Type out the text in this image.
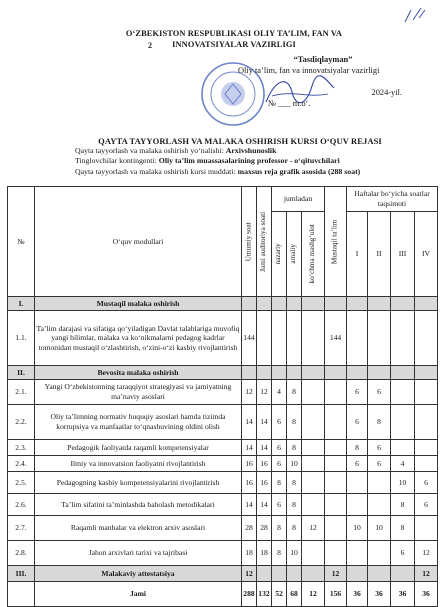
O‘ZBEKISTON RESPUBLIKASI OLIY TA’LIM, FAN VA
INNOVATSIYALAR VAZIRLIGI
2
“Tasdiqlayman”
Oliy ta’lim, fan va innovatsiyalar vazirligi
2024-yil.
№ ___ m.o‘.
QAYTA TAYYORLASH VA MALAKA OSHIRISH KURSI O‘QUV REJASI
Qayta tayyorlash va malaka oshirish yo‘nalishi: Arxivshunoslik
Tinglovchilar kontingenti: Oliy ta’lim muassasalarining professor - o‘qituvchilari
Qayta tayyorlash va malaka oshirish kursi muddati: maxsus reja grafik asosida (288 soat)
№	O‘quv modullari	Umumiy soat	Jami auditoriya soati	jumladan			Mustaqil ta’lim	Haftalar bo‘yicha soatlar taqsimoti			

				nazariy	amaliy	ko‘chma mashg‘ulot		I	II	III	IV
I.	Mustaqil malaka oshirish										
1.1.	Ta’lim darajasi va sifatiga qo‘yiladigan Davlat talablariga muvofiq yangi bilimlar, malaka va ko‘nikmalarni pedagog kadrlar tomonidan mustaqil o‘zlashtirish, o‘zini-o‘zi kasbiy rivojlantirish	144					144				
II.	Bevosita malaka oshirish										
2.1.	Yangi O‘zbekistonning taraqqiyot strategiyasi va jamiyatning ma’naviy asoslari	12	12	4	8			6	6		
2.2.	Oliy ta’limning normativ huquqiy asoslari hamda tizimda korrupsiya va manfaatlar to‘qnashuvining oldini olish	14	14	6	8			6	8		
2.3.	Pedagogik faoliyatda raqamli kompetensiyalar	14	14	6	8			8	6		
2.4.	Ilmiy va innovatsion faoliyatni rivojlantirish	16	16	6	10			6	6	4	
2.5.	Pedagogning kasbiy kompetensiyalarini rivojlantirish	16	16	8	8					10	6
2.6.	Ta’lim sifatini ta’minlashda baholash metodikalari	14	14	6	8					8	6
2.7.	Raqamli manbalar va elektron arxiv asoslari	28	28	8	8	12		10	10	8	
2.8.	Jahon arxivlari tarixi va tajribasi	18	18	8	10					6	12
III.	Malakaviy attestatsiya	12					12				12
	Jami	288	132	52	68	12	156	36	36	36	36
